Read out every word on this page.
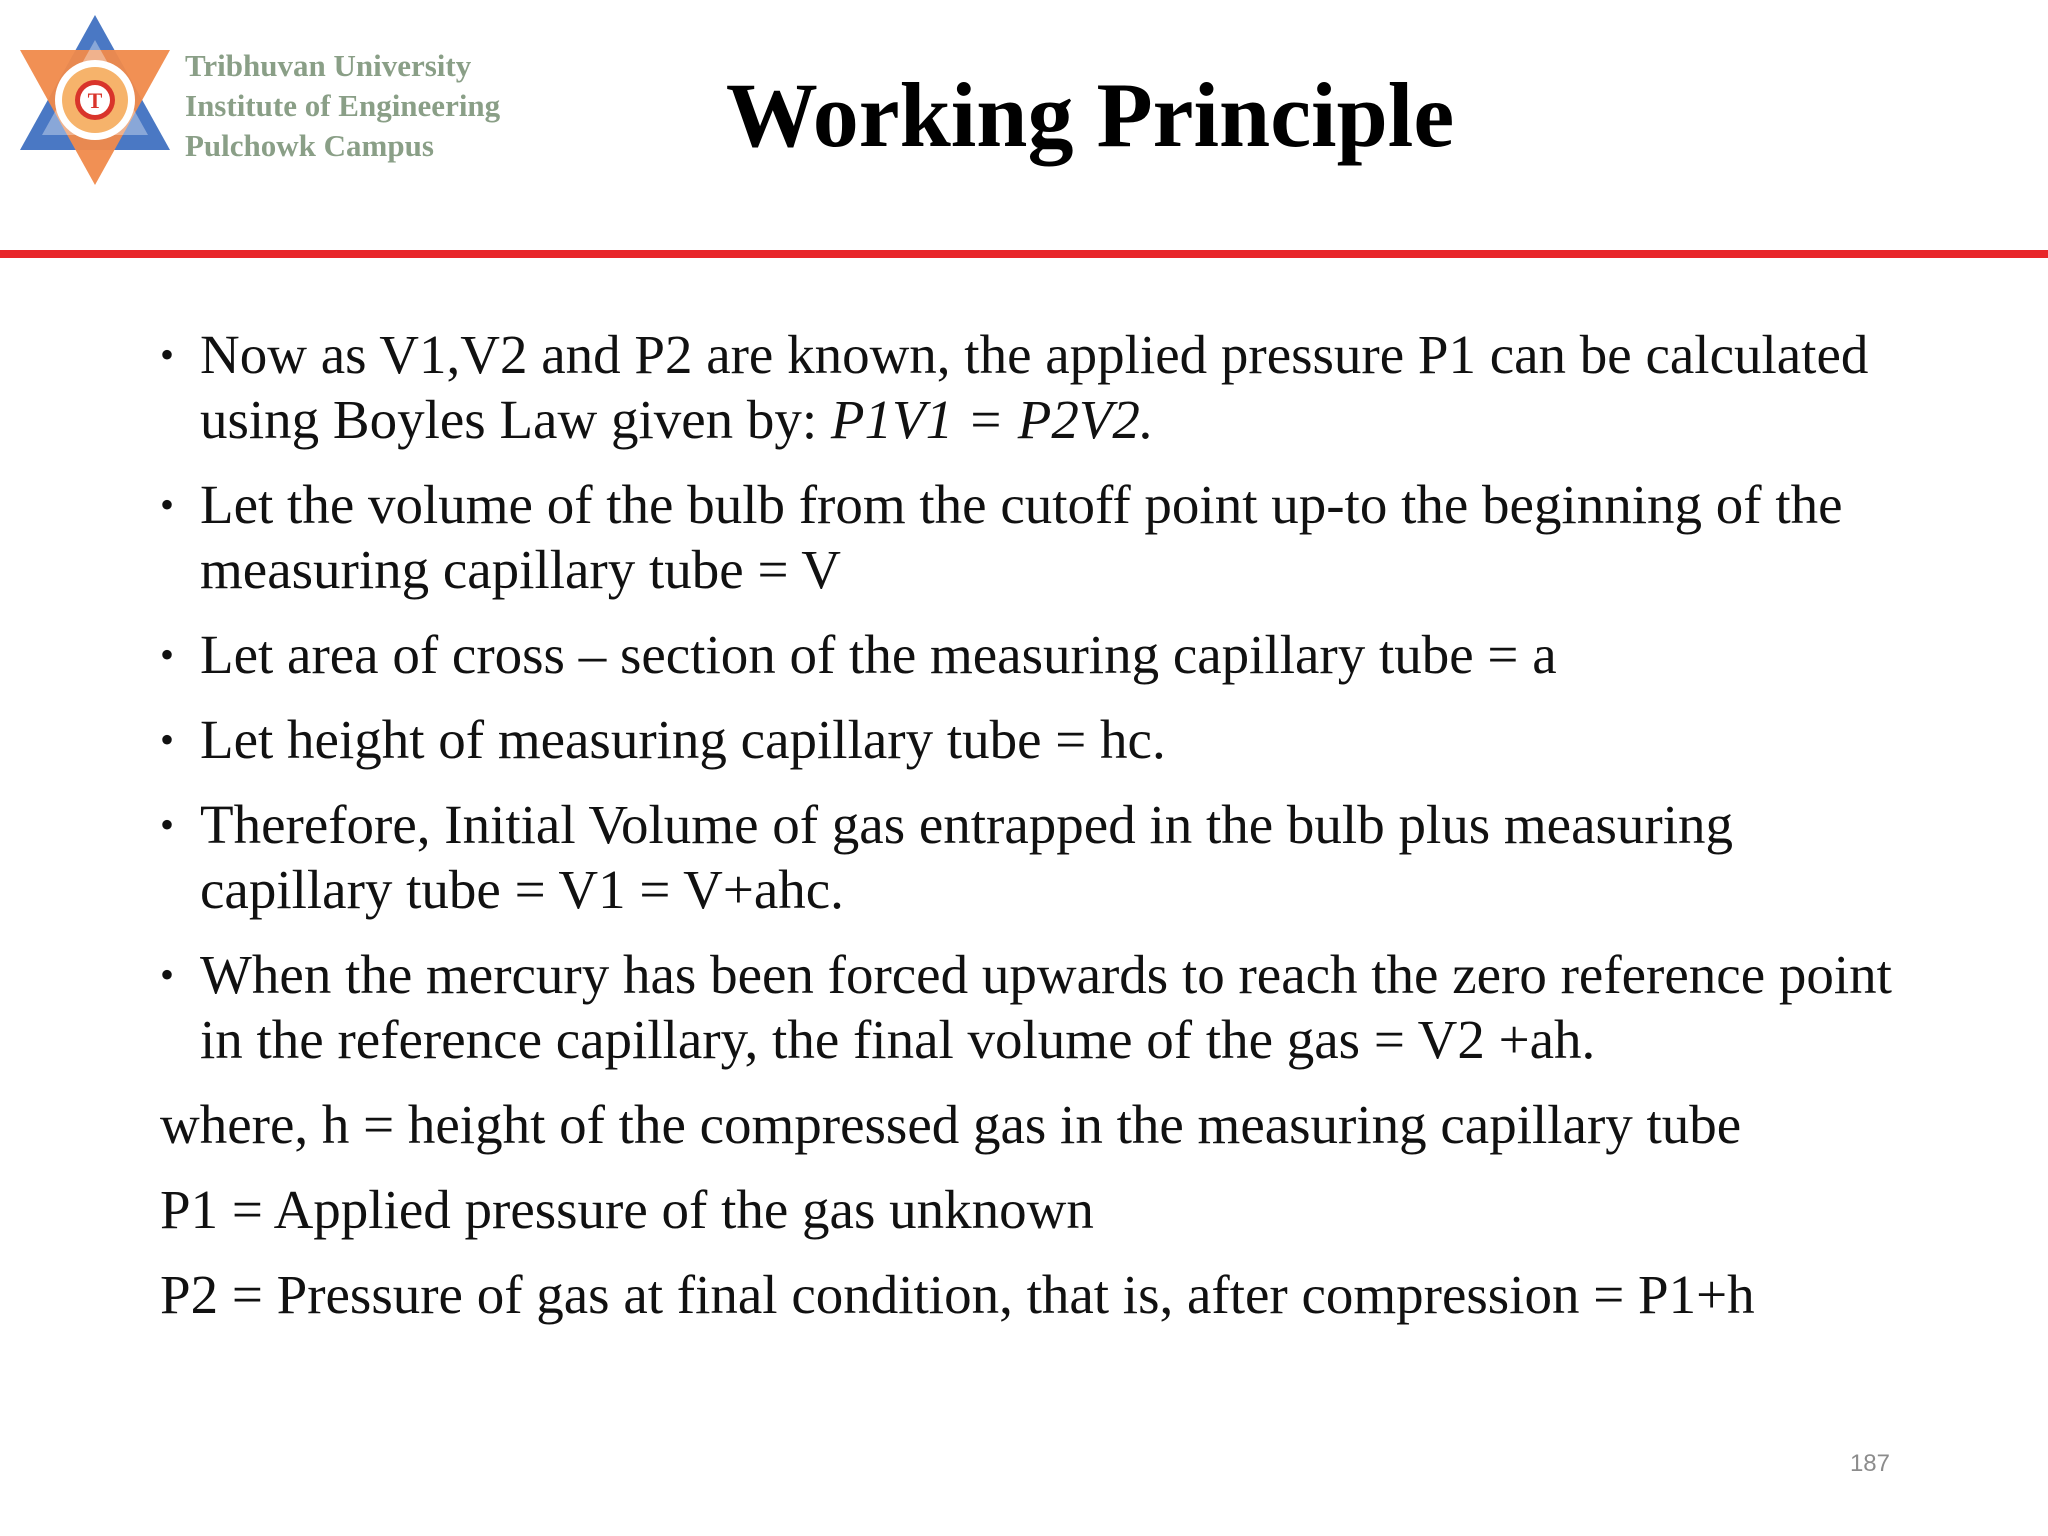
T
Tribhuvan University
Institute of Engineering
Pulchowk Campus	Working Principle
• Now as V1,V2 and P2 are known, the applied pressure P1 can be calculated using Boyles Law given by: P1V1 = P2V2.
• Let the volume of the bulb from the cutoff point up-to the beginning of the measuring capillary tube = V
• Let area of cross – section of the measuring capillary tube = a
• Let height of measuring capillary tube = hc.
• Therefore, Initial Volume of gas entrapped in the bulb plus measuring capillary tube = V1 = V+ahc.
• When the mercury has been forced upwards to reach the zero reference point in the reference capillary, the final volume of the gas = V2 +ah.
where, h = height of the compressed gas in the measuring capillary tube
P1 = Applied pressure of the gas unknown
P2 = Pressure of gas at final condition, that is, after compression = P1+h
187
